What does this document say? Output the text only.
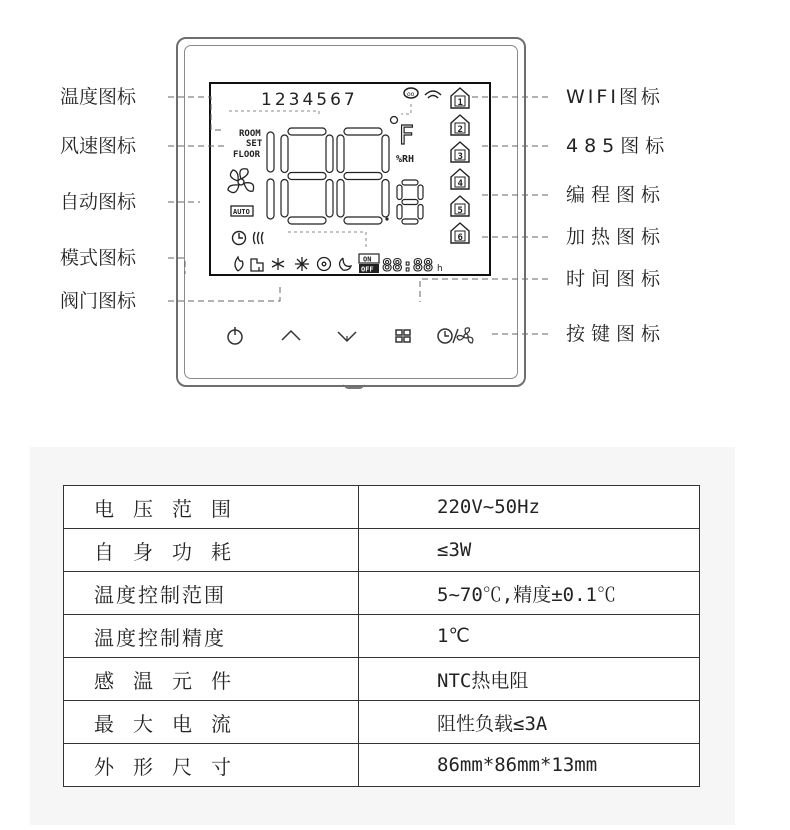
1234567	oo
1
2
3
4
5
6
ROOM
SET
FLOOR
AUTO
F
%RH
ON
OFF 88:88 h
温度图标
风速图标
自动图标
模式图标
阀门图标
WIFI图标
485图标
编程图标
加热图标
时间图标
按键图标
电压范围	220V~50Hz
自身功耗	≤3W
温度控制范围	5~70℃,精度±0.1℃
温度控制精度	1℃
感温元件	NTC热电阻
最大电流	阻性负载≤3A
外形尺寸	86mm*86mm*13mm
